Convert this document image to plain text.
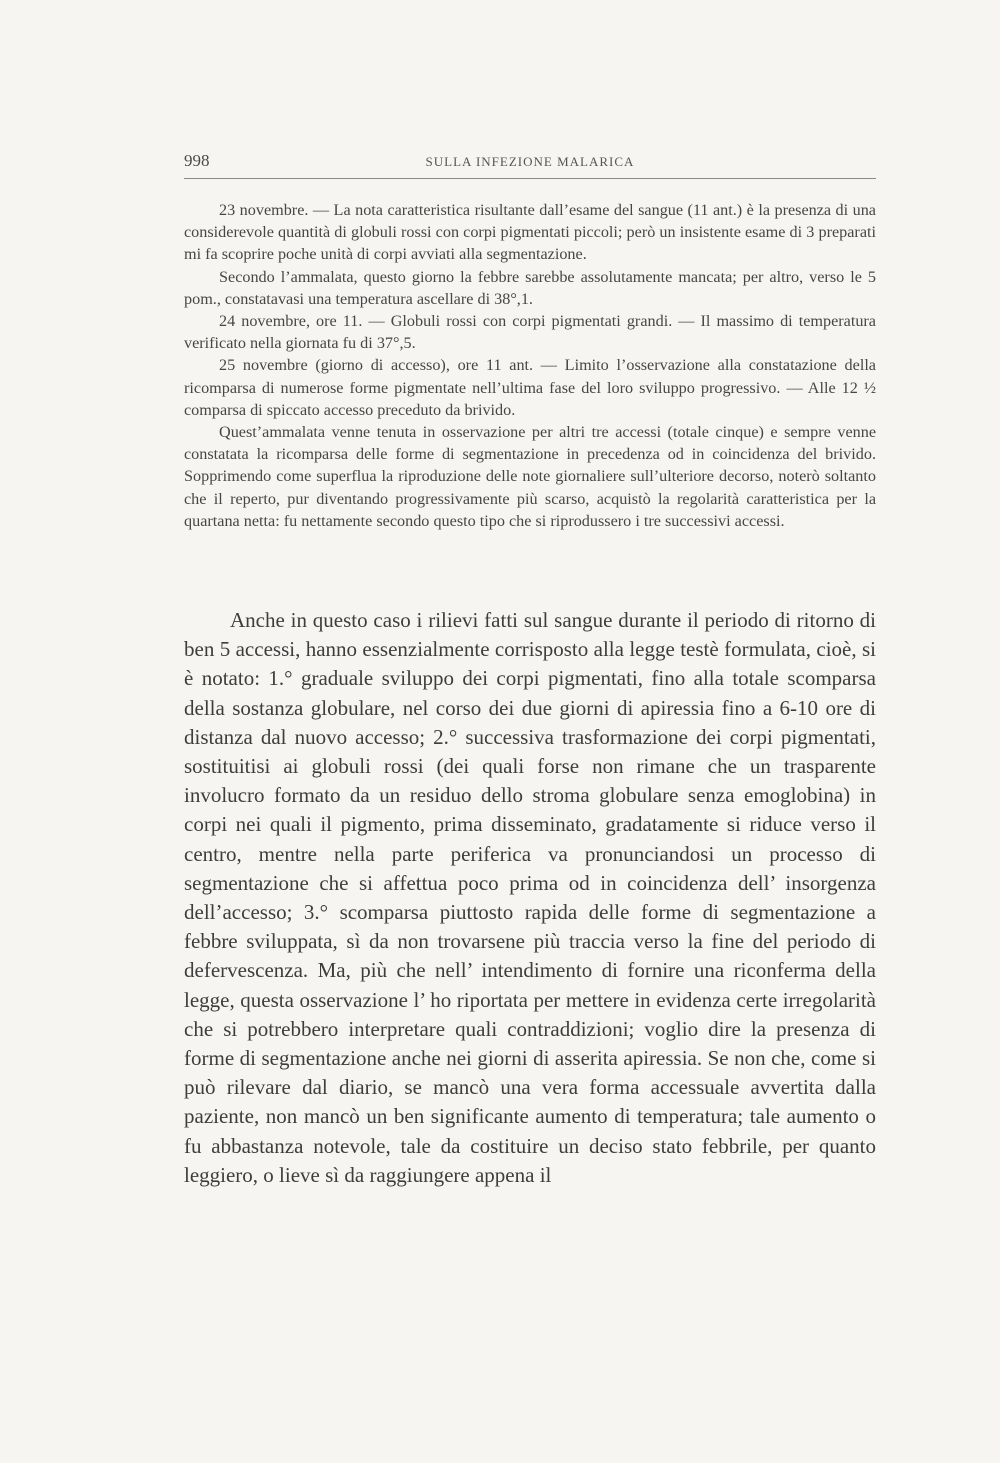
998	SULLA INFEZIONE MALARICA

23 novembre. — La nota caratteristica risultante dall’esame del sangue (11 ant.) è la presenza di una considerevole quantità di globuli rossi con corpi pigmentati piccoli; però un insistente esame di 3 preparati mi fa scoprire poche unità di corpi avviati alla segmentazione.

Secondo l’ammalata, questo giorno la febbre sarebbe assolutamente mancata; per altro, verso le 5 pom., constatavasi una temperatura ascellare di 38°,1.

24 novembre, ore 11. — Globuli rossi con corpi pigmentati grandi. — Il massimo di temperatura verificato nella giornata fu di 37°,5.

25 novembre (giorno di accesso), ore 11 ant. — Limito l’osservazione alla constatazione della ricomparsa di numerose forme pigmentate nell’ultima fase del loro sviluppo progressivo. — Alle 12 ½ comparsa di spiccato accesso preceduto da brivido.

Quest’ammalata venne tenuta in osservazione per altri tre accessi (totale cinque) e sempre venne constatata la ricomparsa delle forme di segmentazione in precedenza od in coincidenza del brivido. Sopprimendo come superflua la riproduzione delle note giornaliere sull’ulteriore decorso, noterò soltanto che il reperto, pur diventando progressivamente più scarso, acquistò la regolarità caratteristica per la quartana netta: fu nettamente secondo questo tipo che si riprodussero i tre successivi accessi.

Anche in questo caso i rilievi fatti sul sangue durante il periodo di ritorno di ben 5 accessi, hanno essenzialmente corrisposto alla legge testè formulata, cioè, si è notato: 1.° graduale sviluppo dei corpi pigmentati, fino alla totale scomparsa della sostanza globulare, nel corso dei due giorni di apiressia fino a 6-10 ore di distanza dal nuovo accesso; 2.° successiva trasformazione dei corpi pigmentati, sostituitisi ai globuli rossi (dei quali forse non rimane che un trasparente involucro formato da un residuo dello stroma globulare senza emoglobina) in corpi nei quali il pigmento, prima disseminato, gradatamente si riduce verso il centro, mentre nella parte periferica va pronunciandosi un processo di segmentazione che si affettua poco prima od in coincidenza dell’ insorgenza dell’accesso; 3.° scomparsa piuttosto rapida delle forme di segmentazione a febbre sviluppata, sì da non trovarsene più traccia verso la fine del periodo di defervescenza. Ma, più che nell’ intendimento di fornire una riconferma della legge, questa osservazione l’ ho riportata per mettere in evidenza certe irregolarità che si potrebbero interpretare quali contraddizioni; voglio dire la presenza di forme di segmentazione anche nei giorni di asserita apiressia. Se non che, come si può rilevare dal diario, se mancò una vera forma accessuale avvertita dalla paziente, non mancò un ben significante aumento di temperatura; tale aumento o fu abbastanza notevole, tale da costituire un deciso stato febbrile, per quanto leggiero, o lieve sì da raggiungere appena il
